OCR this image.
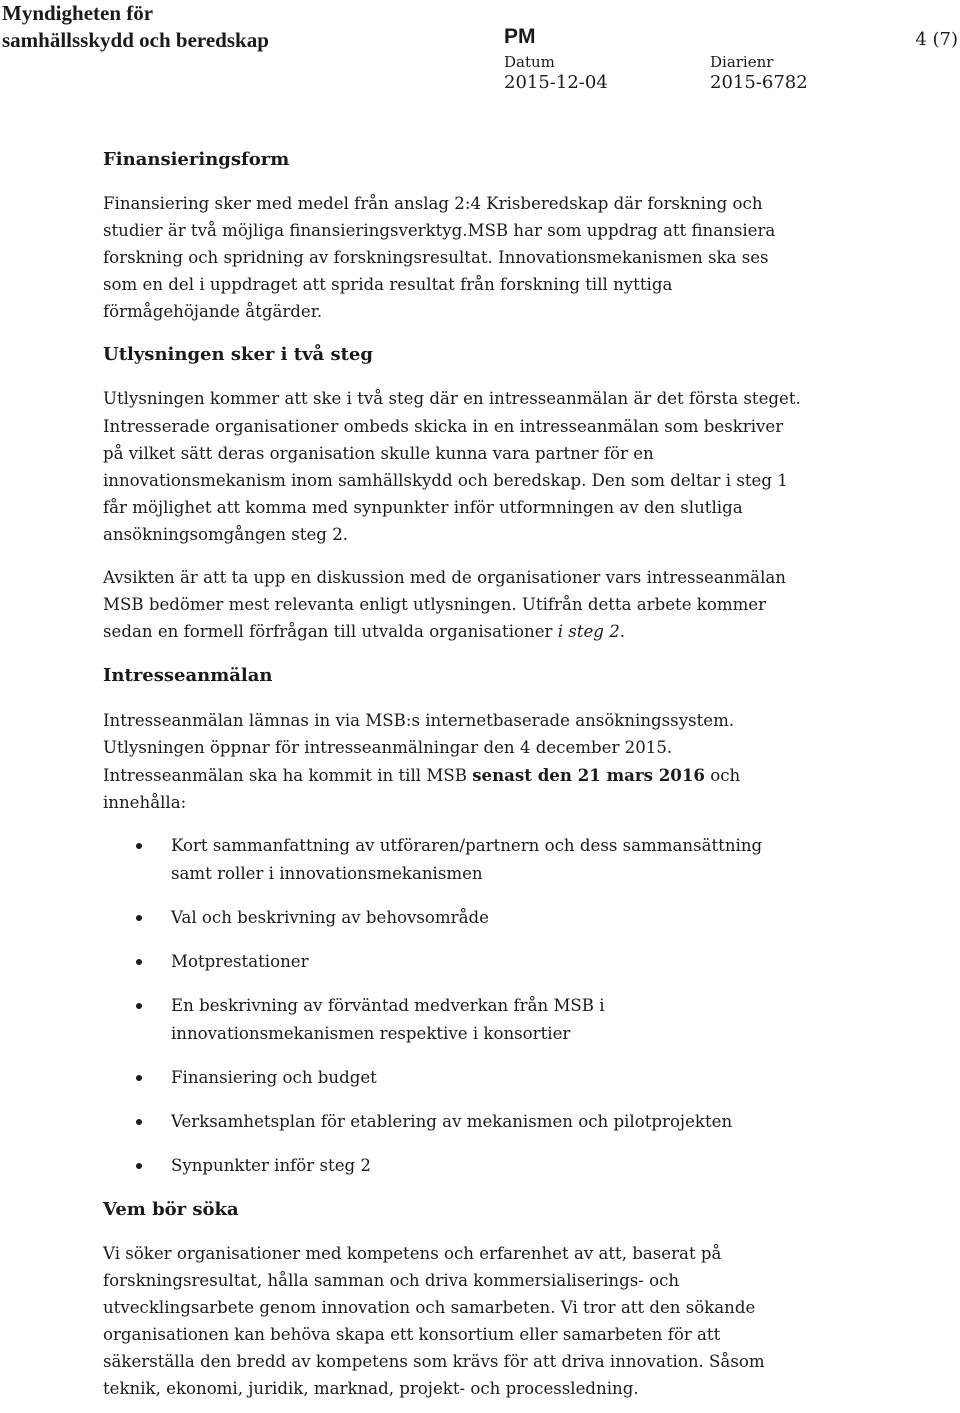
Myndigheten för
samhällsskydd och beredskap	PM	4 (7)
Datum
2015-12-04
Diarienr
2015-6782
Finansieringsform

Finansiering sker med medel från anslag 2:4 Krisberedskap där forskning och studier är två möjliga finansieringsverktyg.MSB har som uppdrag att finansiera forskning och spridning av forskningsresultat. Innovationsmekanismen ska ses som en del i uppdraget att sprida resultat från forskning till nyttiga förmågehöjande åtgärder.

Utlysningen sker i två steg

Utlysningen kommer att ske i två steg där en intresseanmälan är det första steget. Intresserade organisationer ombeds skicka in en intresseanmälan som beskriver på vilket sätt deras organisation skulle kunna vara partner för en innovationsmekanism inom samhällskydd och beredskap. Den som deltar i steg 1 får möjlighet att komma med synpunkter inför utformningen av den slutliga ansökningsomgången steg 2.

Avsikten är att ta upp en diskussion med de organisationer vars intresseanmälan MSB bedömer mest relevanta enligt utlysningen. Utifrån detta arbete kommer sedan en formell förfrågan till utvalda organisationer i steg 2.

Intresseanmälan

Intresseanmälan lämnas in via MSB:s internetbaserade ansökningssystem. Utlysningen öppnar för intresseanmälningar den 4 december 2015. Intresseanmälan ska ha kommit in till MSB senast den 21 mars 2016 och innehålla:

Kort sammanfattning av utföraren/partnern och dess sammansättning samt roller i innovationsmekanismen
Val och beskrivning av behovsområde
Motprestationer
En beskrivning av förväntad medverkan från MSB i innovationsmekanismen respektive i konsortier
Finansiering och budget
Verksamhetsplan för etablering av mekanismen och pilotprojekten
Synpunkter inför steg 2
Vem bör söka

Vi söker organisationer med kompetens och erfarenhet av att, baserat på forskningsresultat, hålla samman och driva kommersialiserings- och utvecklingsarbete genom innovation och samarbeten. Vi tror att den sökande organisationen kan behöva skapa ett konsortium eller samarbeten för att säkerställa den bredd av kompetens som krävs för att driva innovation. Såsom teknik, ekonomi, juridik, marknad, projekt- och processledning.
